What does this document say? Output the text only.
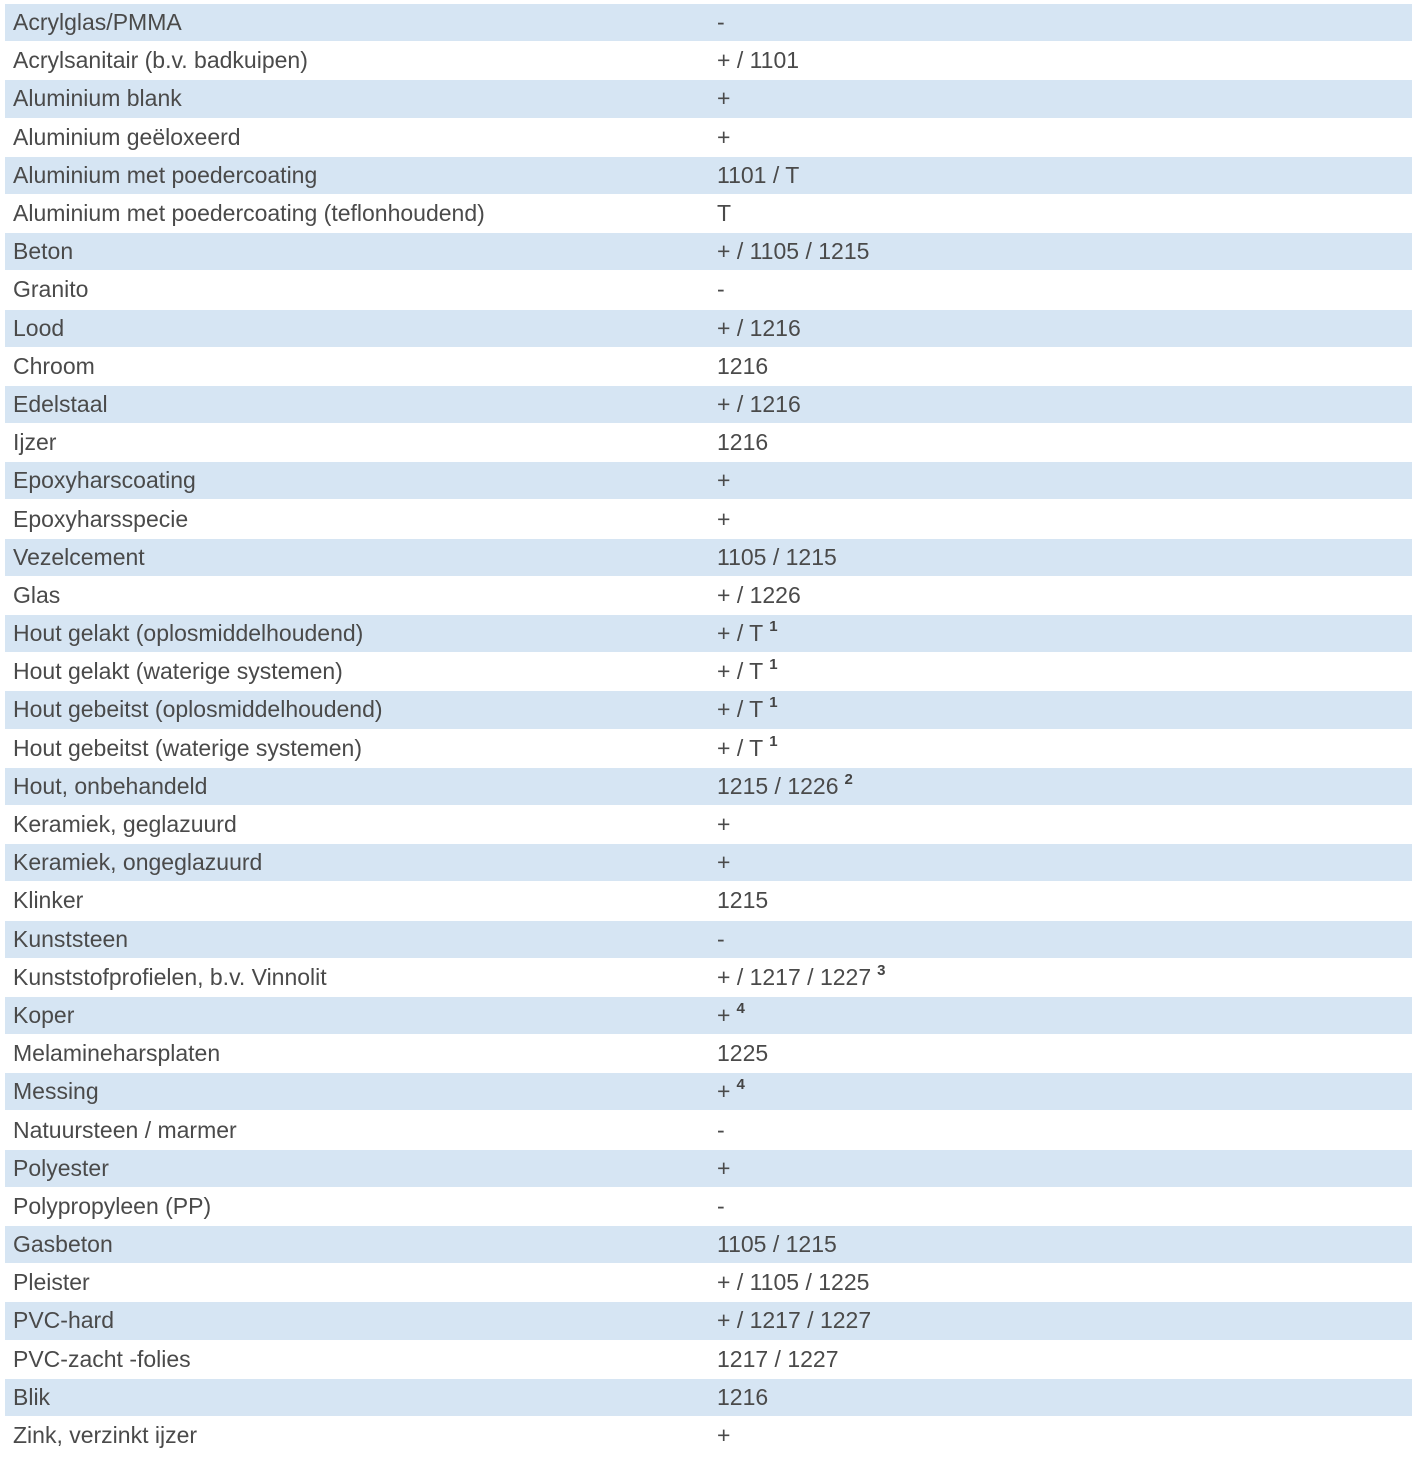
Acrylglas/PMMA	-
Acrylsanitair (b.v. badkuipen)	+ / 1101
Aluminium blank	+
Aluminium geëloxeerd	+
Aluminium met poedercoating	1101 / T
Aluminium met poedercoating (teflonhoudend)	T
Beton	+ / 1105 / 1215
Granito	-
Lood	+ / 1216
Chroom	1216
Edelstaal	+ / 1216
Ijzer	1216
Epoxyharscoating	+
Epoxyharsspecie	+
Vezelcement	1105 / 1215
Glas	+ / 1226
Hout gelakt (oplosmiddelhoudend)	+ / T $^1$
Hout gelakt (waterige systemen)	+ / T $^1$
Hout gebeitst (oplosmiddelhoudend)	+ / T $^1$
Hout gebeitst (waterige systemen)	+ / T $^1$
Hout, onbehandeld	1215 / 1226 $^2$
Keramiek, geglazuurd	+
Keramiek, ongeglazuurd	+
Klinker	1215
Kunststeen	-
Kunststofprofielen, b.v. Vinnolit	+ / 1217 / 1227 $^3$
Koper	+ $^4$
Melamineharsplaten	1225
Messing	+ $^4$
Natuursteen / marmer	-
Polyester	+
Polypropyleen (PP)	-
Gasbeton	1105 / 1215
Pleister	+ / 1105 / 1225
PVC-hard	+ / 1217 / 1227
PVC-zacht -folies	1217 / 1227
Blik	1216
Zink, verzinkt ijzer	+
